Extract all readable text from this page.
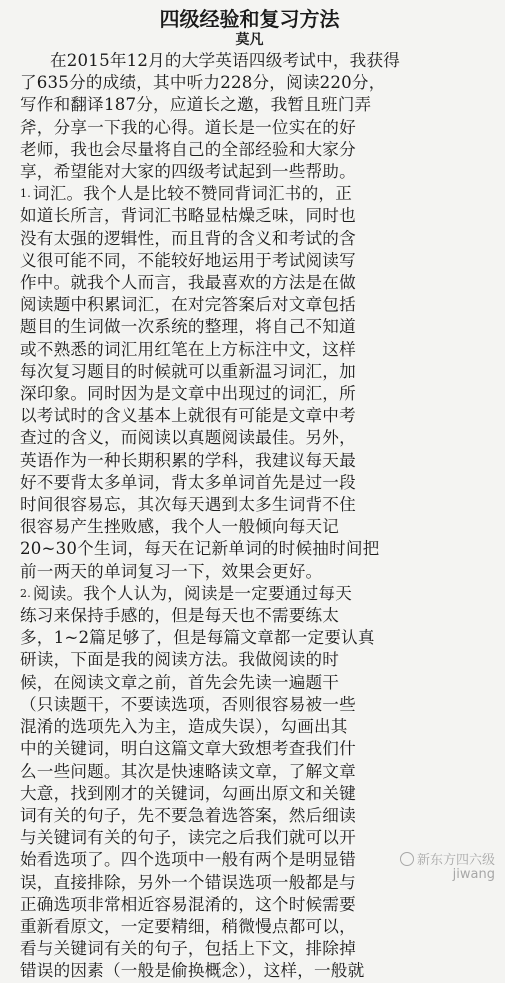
四级经验和复习方法
莫凡
在2015年12月的大学英语四级考试中，我获得
了635分的成绩，其中听力228分，阅读220分，
写作和翻译187分，应道长之邀，我暂且班门弄
斧，分享一下我的心得。道长是一位实在的好
老师，我也会尽量将自己的全部经验和大家分
享，希望能对大家的四级考试起到一些帮助。
1. 词汇。我个人是比较不赞同背词汇书的，正
如道长所言，背词汇书略显枯燥乏味，同时也
没有太强的逻辑性，而且背的含义和考试的含
义很可能不同，不能较好地运用于考试阅读写
作中。就我个人而言，我最喜欢的方法是在做
阅读题中积累词汇，在对完答案后对文章包括
题目的生词做一次系统的整理，将自己不知道
或不熟悉的词汇用红笔在上方标注中文，这样
每次复习题目的时候就可以重新温习词汇，加
深印象。同时因为是文章中出现过的词汇，所
以考试时的含义基本上就很有可能是文章中考
查过的含义，而阅读以真题阅读最佳。另外，
英语作为一种长期积累的学科，我建议每天最
好不要背太多单词，背太多单词首先是过一段
时间很容易忘，其次每天遇到太多生词背不住
很容易产生挫败感，我个人一般倾向每天记
20~30个生词，每天在记新单词的时候抽时间把
前一两天的单词复习一下，效果会更好。
2. 阅读。我个人认为，阅读是一定要通过每天
练习来保持手感的，但是每天也不需要练太
多，1~2篇足够了，但是每篇文章都一定要认真
研读，下面是我的阅读方法。我做阅读的时
候，在阅读文章之前，首先会先读一遍题干
（只读题干，不要读选项，否则很容易被一些
混淆的选项先入为主，造成失误），勾画出其
中的关键词，明白这篇文章大致想考查我们什
么一些问题。其次是快速略读文章，了解文章
大意，找到刚才的关键词，勾画出原文和关键
词有关的句子，先不要急着选答案，然后细读
与关键词有关的句子，读完之后我们就可以开
始看选项了。四个选项中一般有两个是明显错
误，直接排除，另外一个错误选项一般都是与
正确选项非常相近容易混淆的，这个时候需要
重新看原文，一定要精细，稍微慢点都可以，
看与关键词有关的句子，包括上下文，排除掉
错误的因素（一般是偷换概念），这样，一般就
新东方四六级
jiwang
